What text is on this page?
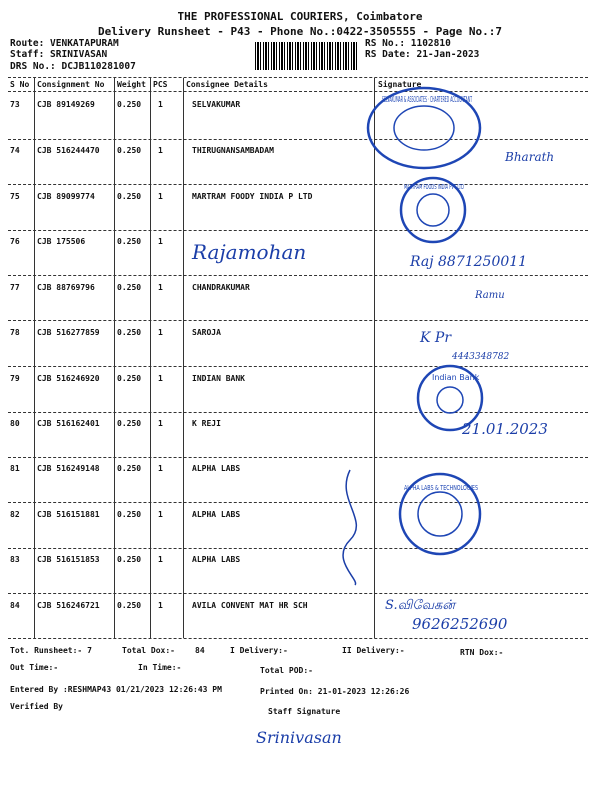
THE PROFESSIONAL COURIERS, Coimbatore
Delivery Runsheet - P43 - Phone No.:0422-3505555 - Page No.:7
Route: VENKATAPURAM
Staff: SRINIVASAN
DRS No.: DCJB110281007
RS No.: 1102810
RS Date: 21-Jan-2023
S No Consignment No Weight PCS Consignee Details	Signature
73 CJB 89149269	0.250 1	SELVAKUMAR
74 CJB 516244470 0.250 1	THIRUGNANSAMBADAM
75 CJB 89099774	0.250 1	MARTRAM FOODY INDIA P LTD
76 CJB 175506	0.250 1
77 CJB 88769796	0.250 1	CHANDRAKUMAR
78 CJB 516277859 0.250 1	SAROJA
79 CJB 516246920 0.250 1	INDIAN BANK
80 CJB 516162401 0.250 1	K REJI
81 CJB 516249148 0.250 1	ALPHA LABS
82 CJB 516151881 0.250 1	ALPHA LABS
83 CJB 516151853 0.250 1	ALPHA LABS
84 CJB 516246721 0.250 1	AVILA CONVENT MAT HR SCH
SELVAKUMAR & ASSOCIATES · CHARTERED ACCOUNTANT
MARTRAM FOODS INDIA PVT LTD
Indian Bank
ALPHA LABS & TECHNOLOGIES
Rajamohan	Raj 8871250011
Ramu
Bharath
K Pr
4443348782
21.01.2023
S.விவேகன்
9626252690
Tot. Runsheet:- 7	Total Dox:-	84	I Delivery:-	II Delivery:-	RTN Dox:-
Out Time:-	In Time:-	Total POD:-
Entered By :RESHMAP43 01/21/2023 12:26:43 PM	Printed On: 21-01-2023 12:26:26
Verified By
Staff Signature
Srinivasan
